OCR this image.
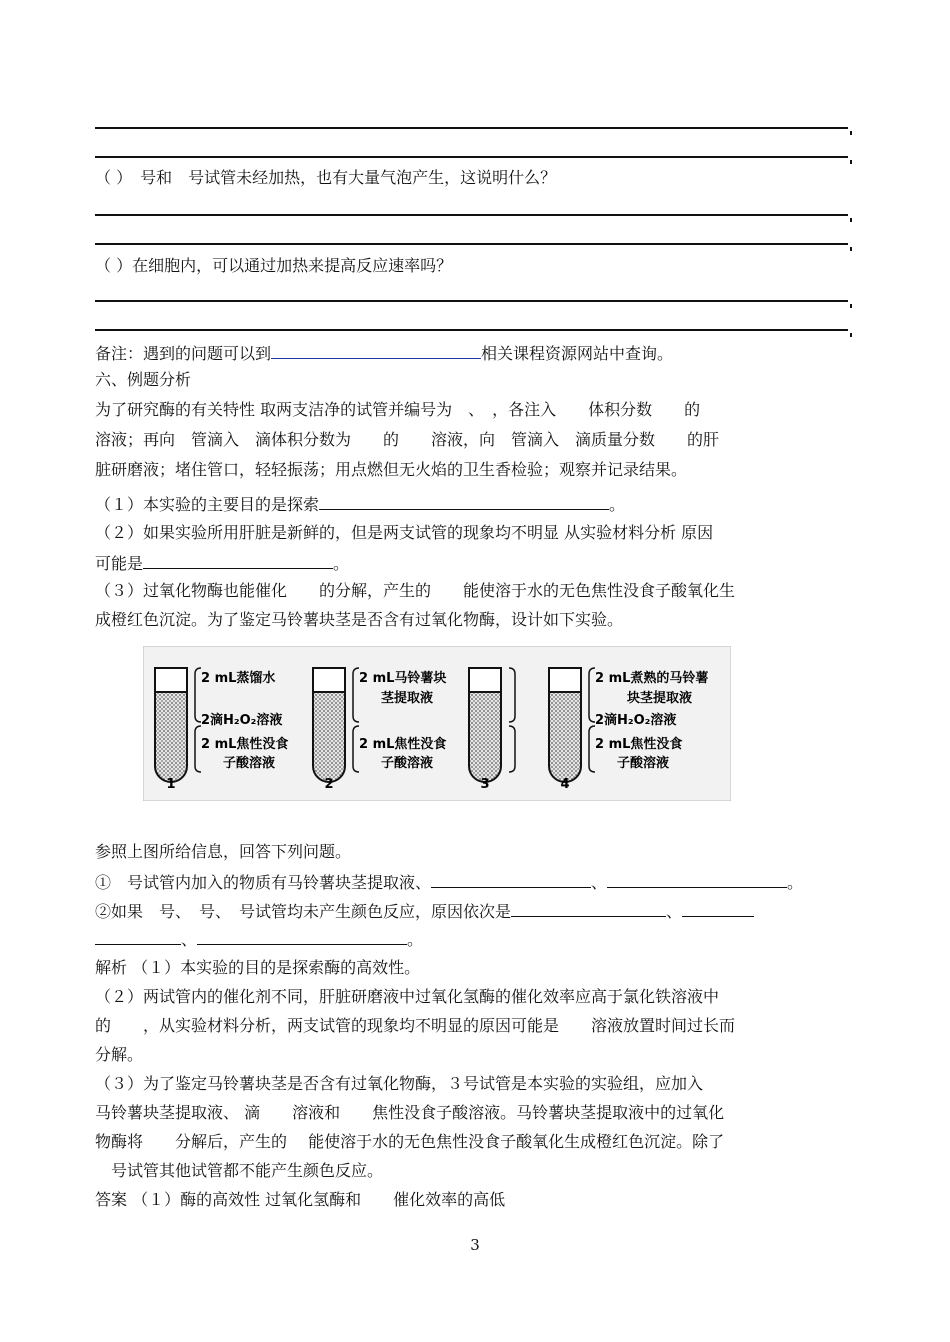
（ ）　号和　号试管未经加热，也有大量气泡产生，这说明什么？
（ ）在细胞内，可以通过加热来提高反应速率吗？
备注：遇到的问题可以到	相关课程资源网站中查询。
六、例题分析
为了研究酶的有关特性 取两支洁净的试管并编号为　、　，各注入　　体积分数　　的
溶液；再向　管滴入　滴体积分数为　　的　　溶液，向　管滴入　滴质量分数　　的肝
脏研磨液；堵住管口，轻轻振荡；用点燃但无火焰的卫生香检验；观察并记录结果。
（１）本实验的主要目的是探索	。
（２）如果实验所用肝脏是新鲜的，但是两支试管的现象均不明显 从实验材料分析 原因
可能是	。
（３）过氧化物酶也能催化　　的分解，产生的　　能使溶于水的无色焦性没食子酸氧化生
成橙红色沉淀。为了鉴定马铃薯块茎是否含有过氧化物酶，设计如下实验。
2 mL蒸馏水
2滴H₂O₂溶液
2 mL焦性没食
子酸溶液
1
2 mL马铃薯块
茎提取液
2 mL焦性没食
子酸溶液
2	3
2 mL煮熟的马铃薯
块茎提取液
2滴H₂O₂溶液
2 mL焦性没食
子酸溶液
4
参照上图所给信息，回答下列问题。
①　号试管内加入的物质有马铃薯块茎提取液、	、	。
②如果　号、　号、　号试管均未产生颜色反应，原因依次是	、
、	。
解析 （１）本实验的目的是探索酶的高效性。
（２）两试管内的催化剂不同，肝脏研磨液中过氧化氢酶的催化效率应高于氯化铁溶液中
的　　，从实验材料分析，两支试管的现象均不明显的原因可能是　　溶液放置时间过长而
分解。
（３）为了鉴定马铃薯块茎是否含有过氧化物酶，３号试管是本实验的实验组，应加入
马铃薯块茎提取液、 滴　　溶液和　　焦性没食子酸溶液。马铃薯块茎提取液中的过氧化
物酶将　　分解后，产生的　 能使溶于水的无色焦性没食子酸氧化生成橙红色沉淀。除了
　号试管其他试管都不能产生颜色反应。
答案 （１）酶的高效性 过氧化氢酶和　　催化效率的高低
3
